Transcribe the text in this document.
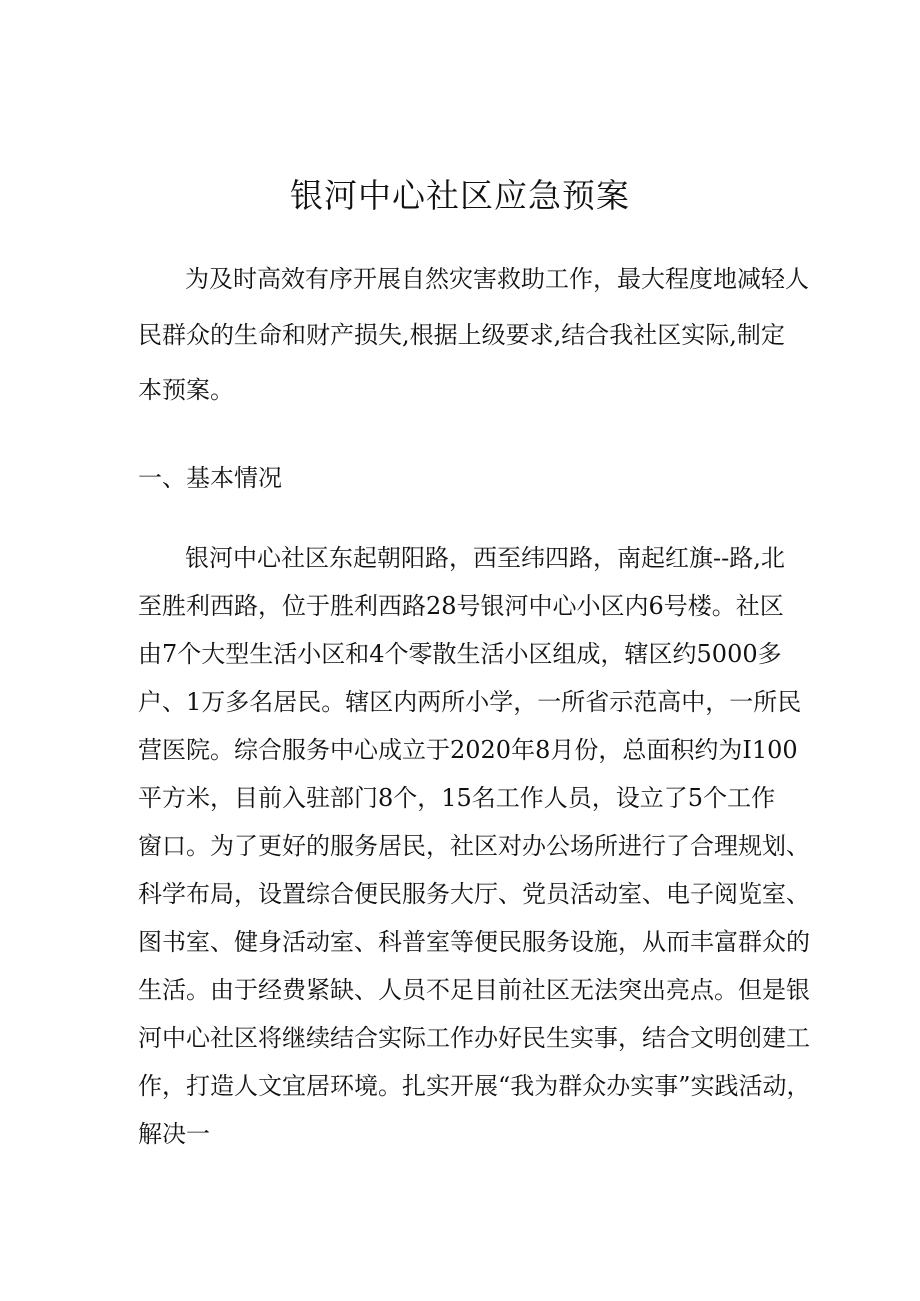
银河中心社区应急预案

为及时高效有序开展自然灾害救助工作，最大程度地减轻人

民群众的生命和财产损失,根据上级要求,结合我社区实际,制定

本预案。

一、基本情况

银河中心社区东起朝阳路，西至纬四路，南起红旗--路,北

至胜利西路，位于胜利西路28号银河中心小区内6号楼。社区

由7个大型生活小区和4个零散生活小区组成，辖区约5000多

户、1万多名居民。辖区内两所小学，一所省示范高中，一所民

营医院。综合服务中心成立于2020年8月份，总面积约为I100

平方米，目前入驻部门8个，15名工作人员，设立了5个工作

窗口。为了更好的服务居民，社区对办公场所进行了合理规划、

科学布局，设置综合便民服务大厅、党员活动室、电子阅览室、

图书室、健身活动室、科普室等便民服务设施，从而丰富群众的

生活。由于经费紧缺、人员不足目前社区无法突出亮点。但是银

河中心社区将继续结合实际工作办好民生实事，结合文明创建工

作，打造人文宜居环境。扎实开展“我为群众办实事”实践活动，

解决一
